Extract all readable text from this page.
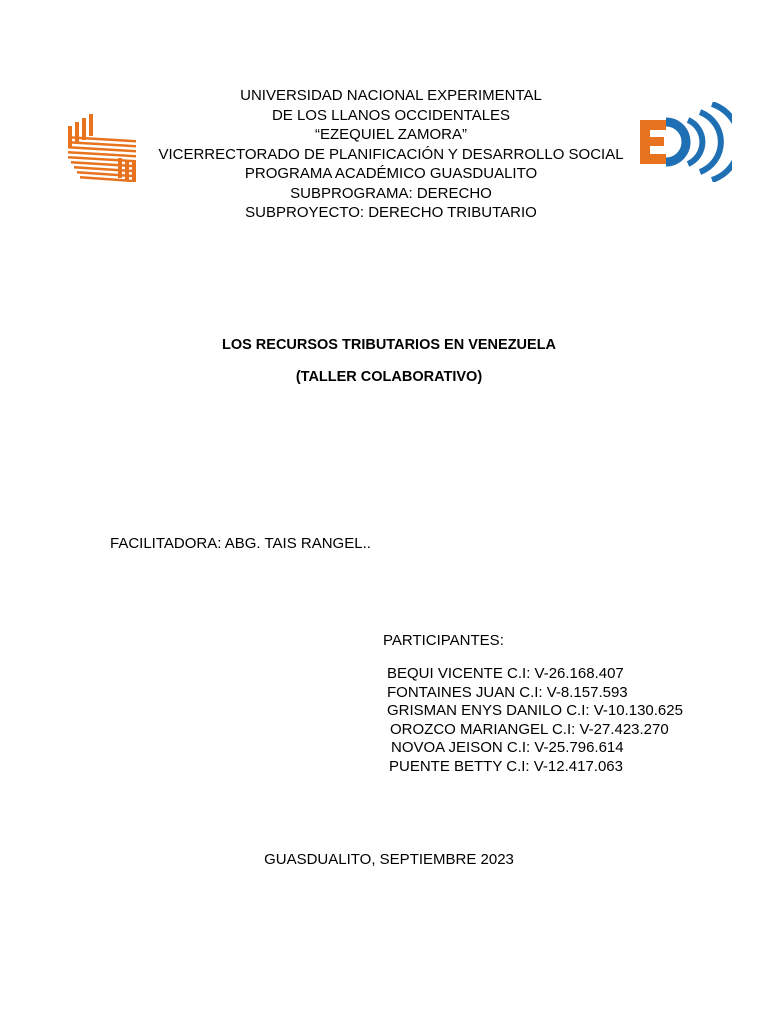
UNIVERSIDAD NACIONAL EXPERIMENTAL
DE LOS LLANOS OCCIDENTALES
“EZEQUIEL ZAMORA”
VICERRECTORADO DE PLANIFICACIÓN Y DESARROLLO SOCIAL
PROGRAMA ACADÉMICO GUASDUALITO
SUBPROGRAMA: DERECHO
SUBPROYECTO: DERECHO TRIBUTARIO
LOS RECURSOS TRIBUTARIOS EN VENEZUELA
(TALLER COLABORATIVO)
FACILITADORA: ABG. TAIS RANGEL..
PARTICIPANTES:
BEQUI VICENTE C.I: V-26.168.407
FONTAINES JUAN C.I: V-8.157.593
GRISMAN ENYS DANILO C.I: V-10.130.625
OROZCO MARIANGEL C.I: V-27.423.270
NOVOA JEISON C.I: V-25.796.614
PUENTE BETTY C.I: V-12.417.063
GUASDUALITO, SEPTIEMBRE 2023
